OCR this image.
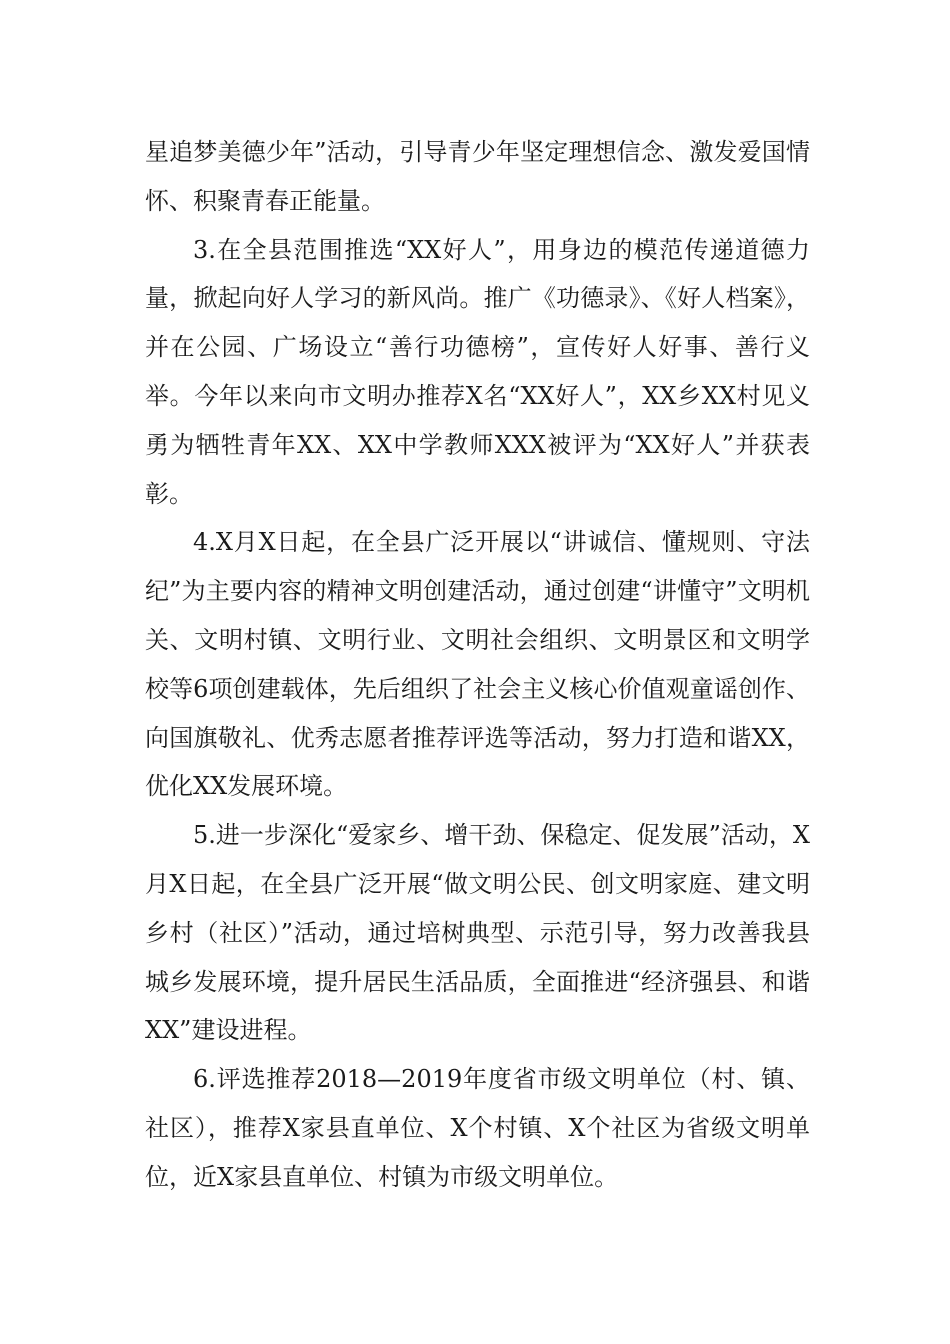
星追梦美德少年”活动，引导青少年坚定理想信念、激发爱国情怀、积聚青春正能量。

3.在全县范围推选“XX好人”，用身边的模范传递道德力量，掀起向好人学习的新风尚。推广《功德录》、《好人档案》，并在公园、广场设立“善行功德榜”，宣传好人好事、善行义举。今年以来向市文明办推荐X名“XX好人”，XX乡XX村见义勇为牺牲青年XX、XX中学教师XXX被评为“XX好人”并获表彰。

4.X月X日起，在全县广泛开展以“讲诚信、懂规则、守法纪”为主要内容的精神文明创建活动，通过创建“讲懂守”文明机关、文明村镇、文明行业、文明社会组织、文明景区和文明学校等6项创建载体，先后组织了社会主义核心价值观童谣创作、向国旗敬礼、优秀志愿者推荐评选等活动，努力打造和谐XX，优化XX发展环境。

5.进一步深化“爱家乡、增干劲、保稳定、促发展”活动，X月X日起，在全县广泛开展“做文明公民、创文明家庭、建文明乡村（社区）”活动，通过培树典型、示范引导，努力改善我县城乡发展环境，提升居民生活品质，全面推进“经济强县、和谐XX”建设进程。

6.评选推荐2018—2019年度省市级文明单位（村、镇、社区），推荐X家县直单位、X个村镇、X个社区为省级文明单位，近X家县直单位、村镇为市级文明单位。
